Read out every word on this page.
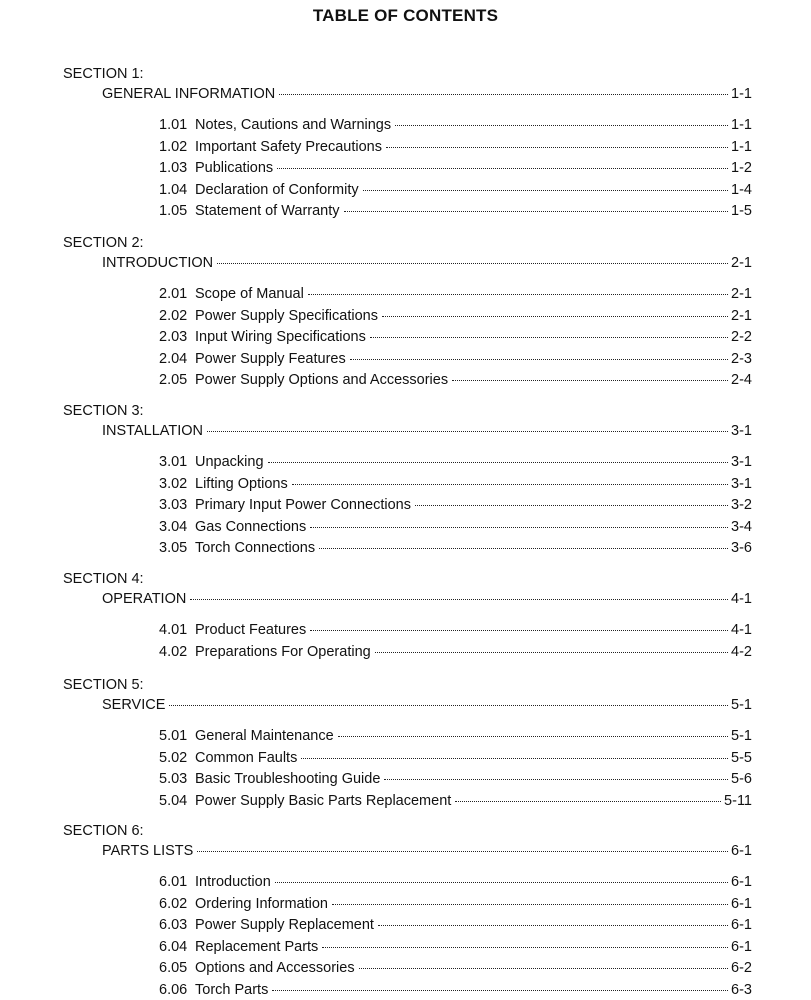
TABLE OF CONTENTS
SECTION 1:
GENERAL INFORMATION	1-1
1.01 Notes, Cautions and Warnings	1-1
1.02 Important Safety Precautions	1-1
1.03 Publications	1-2
1.04 Declaration of Conformity	1-4
1.05 Statement of Warranty	1-5
SECTION 2:
INTRODUCTION	2-1
2.01 Scope of Manual	2-1
2.02 Power Supply Specifications	2-1
2.03 Input Wiring Specifications	2-2
2.04 Power Supply Features	2-3
2.05 Power Supply Options and Accessories	2-4
SECTION 3:
INSTALLATION	3-1
3.01 Unpacking	3-1
3.02 Lifting Options	3-1
3.03 Primary Input Power Connections	3-2
3.04 Gas Connections	3-4
3.05 Torch Connections	3-6
SECTION 4:
OPERATION	4-1
4.01 Product Features	4-1
4.02 Preparations For Operating	4-2
SECTION 5:
SERVICE	5-1
5.01 General Maintenance	5-1
5.02 Common Faults	5-5
5.03 Basic Troubleshooting Guide	5-6
5.04 Power Supply Basic Parts Replacement	5-11
SECTION 6:
PARTS LISTS	6-1
6.01 Introduction	6-1
6.02 Ordering Information	6-1
6.03 Power Supply Replacement	6-1
6.04 Replacement Parts	6-1
6.05 Options and Accessories	6-2
6.06 Torch Parts	6-3
